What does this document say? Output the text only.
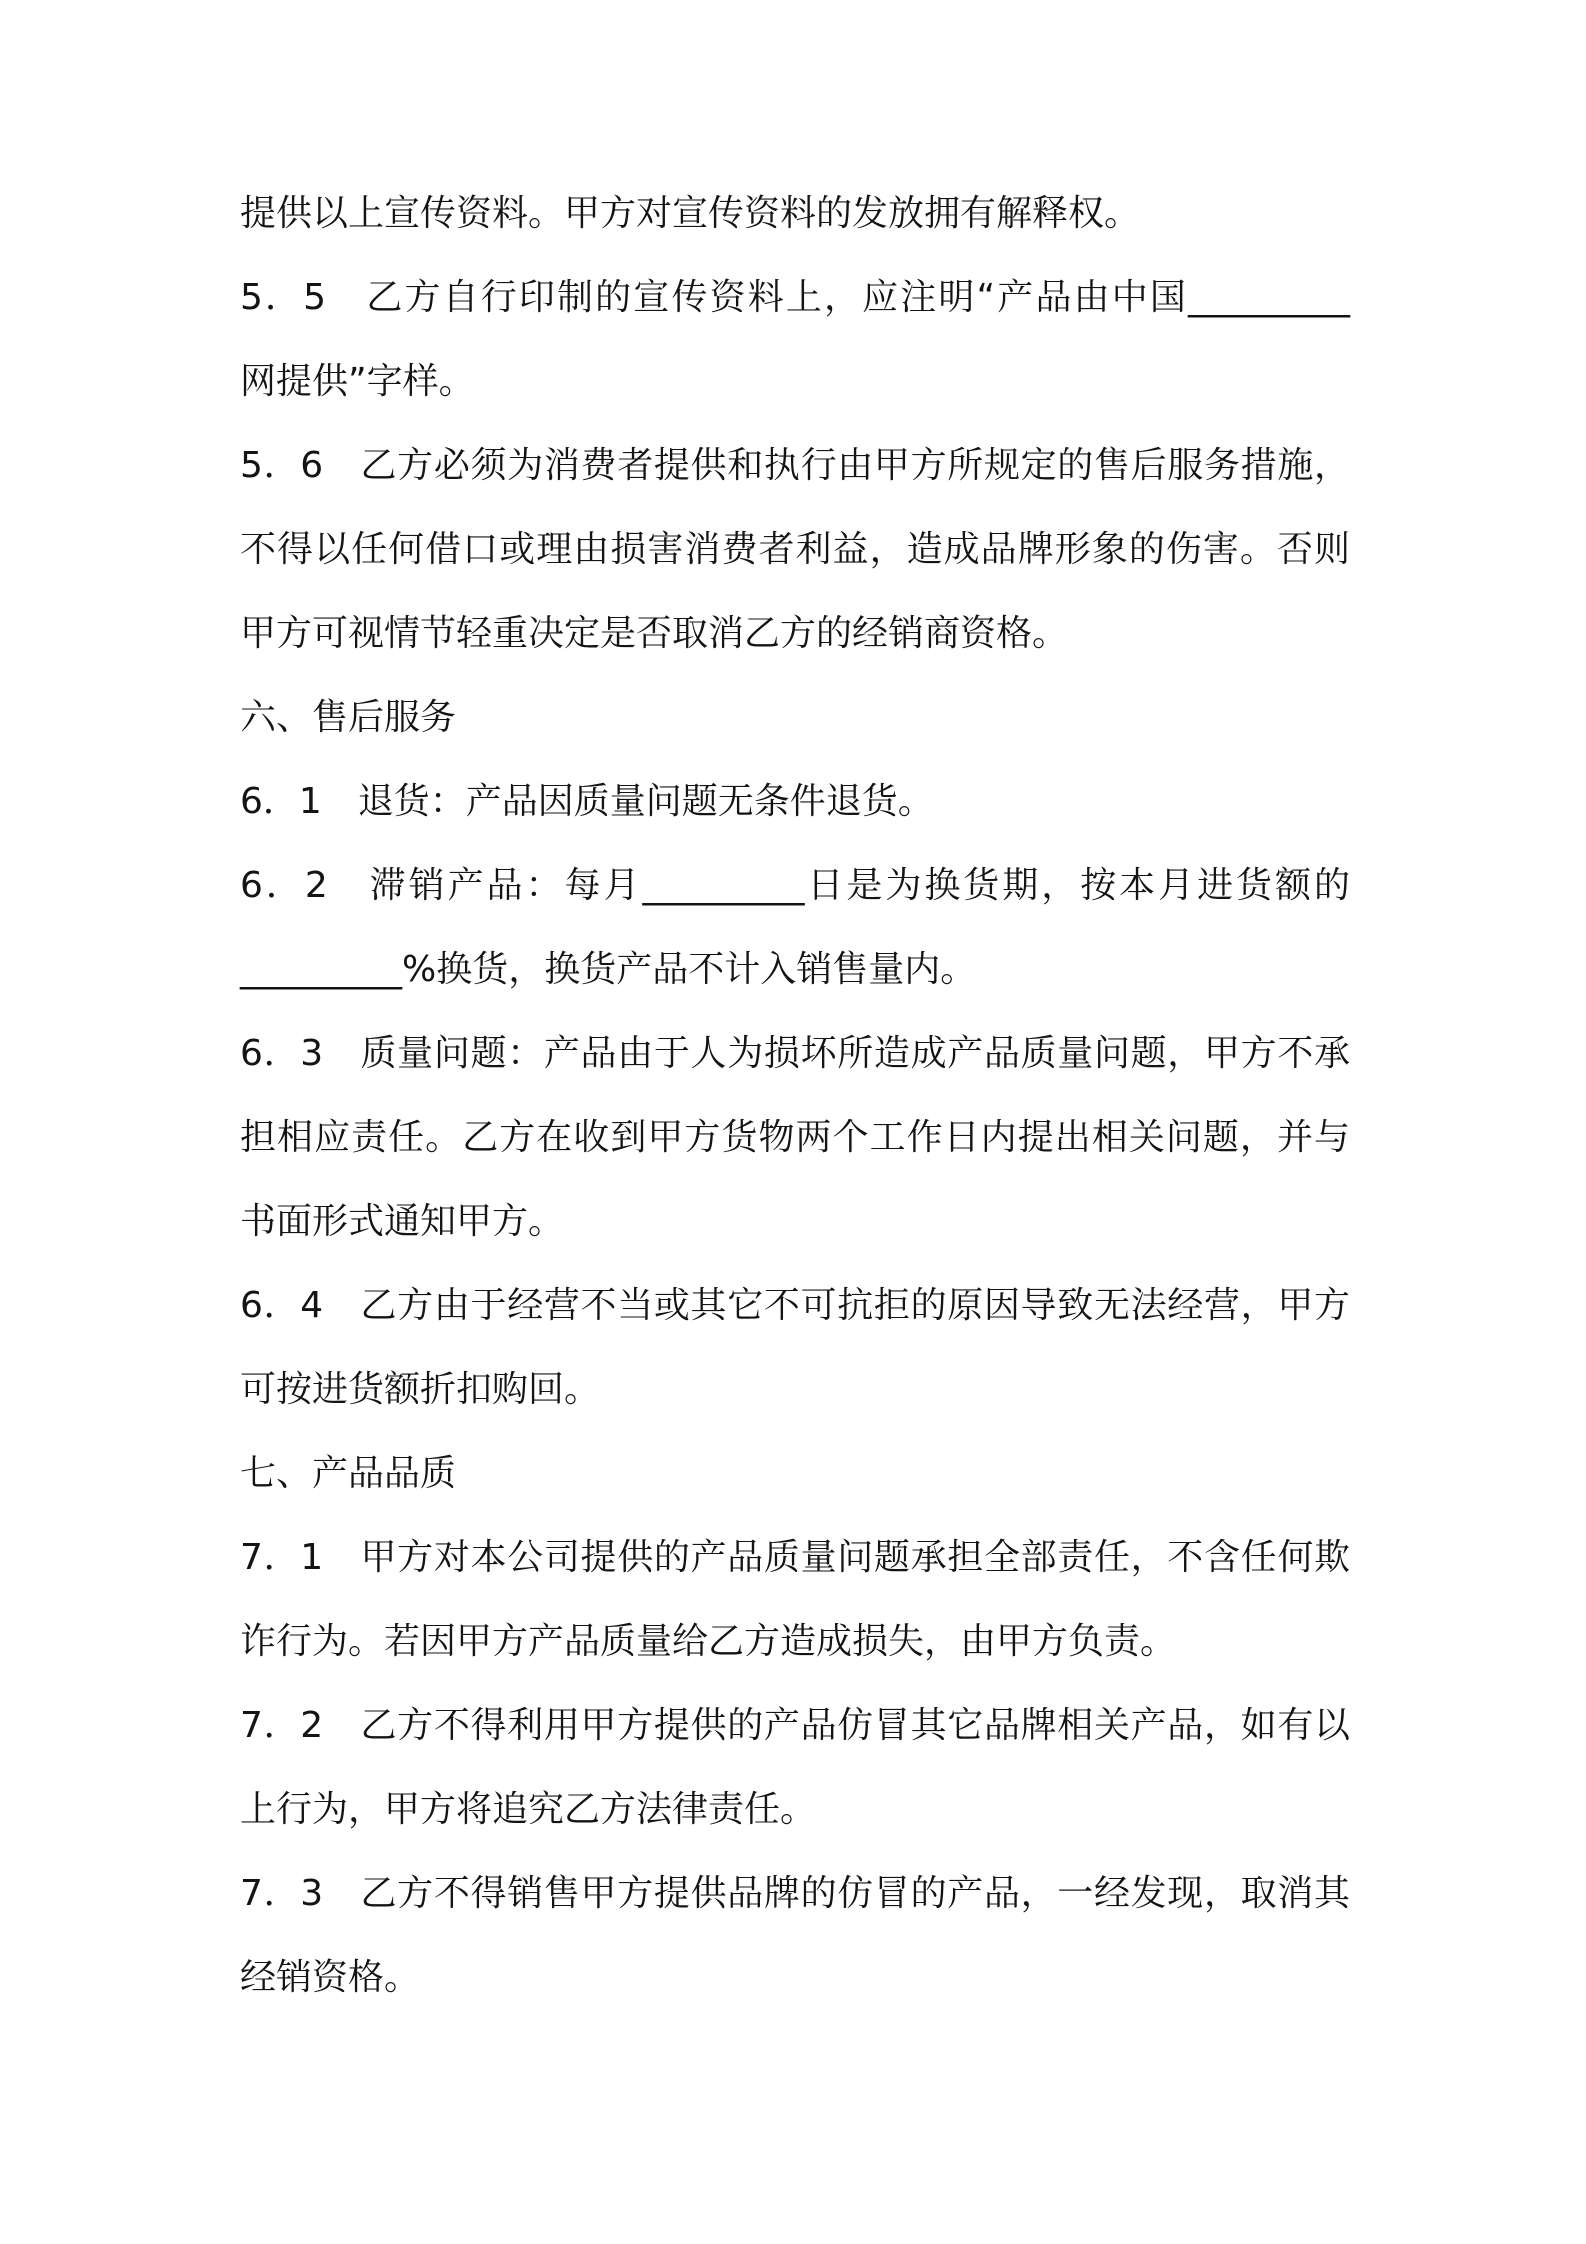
提供以上宣传资料。甲方对宣传资料的发放拥有解释权。
5．5　乙方自行印制的宣传资料上，应注明“产品由中国_________
网提供”字样。
5．6　乙方必须为消费者提供和执行由甲方所规定的售后服务措施，
不得以任何借口或理由损害消费者利益，造成品牌形象的伤害。否则
甲方可视情节轻重决定是否取消乙方的经销商资格。
六、售后服务
6．1　退货：产品因质量问题无条件退货。
6．2　滞销产品：每月_________日是为换货期，按本月进货额的
_________%换货，换货产品不计入销售量内。
6．3　质量问题：产品由于人为损坏所造成产品质量问题，甲方不承
担相应责任。乙方在收到甲方货物两个工作日内提出相关问题，并与
书面形式通知甲方。
6．4　乙方由于经营不当或其它不可抗拒的原因导致无法经营，甲方
可按进货额折扣购回。
七、产品品质
7．1　甲方对本公司提供的产品质量问题承担全部责任，不含任何欺
诈行为。若因甲方产品质量给乙方造成损失，由甲方负责。
7．2　乙方不得利用甲方提供的产品仿冒其它品牌相关产品，如有以
上行为，甲方将追究乙方法律责任。
7．3　乙方不得销售甲方提供品牌的仿冒的产品，一经发现，取消其
经销资格。
